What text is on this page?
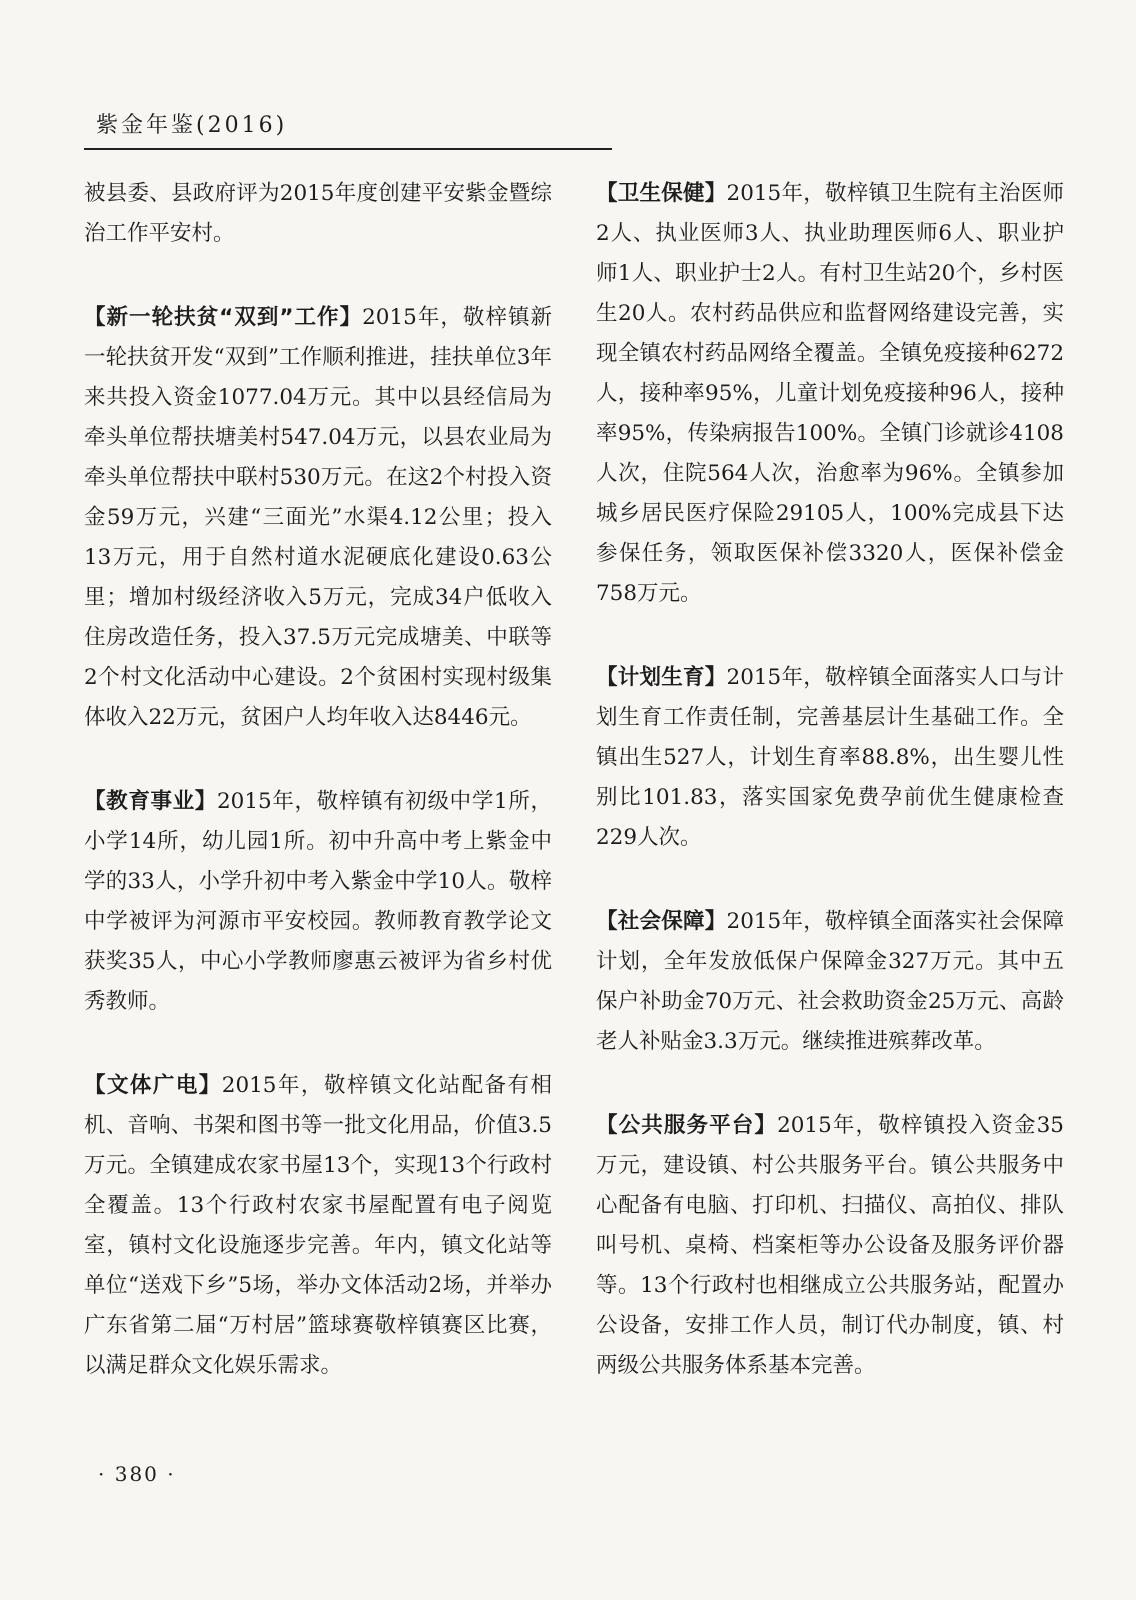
紫金年鉴(2016)

被县委、县政府评为2015年度创建平安紫金暨综治工作平安村。

【新一轮扶贫“双到”工作】2015年，敬梓镇新一轮扶贫开发“双到”工作顺利推进，挂扶单位3年来共投入资金1077.04万元。其中以县经信局为牵头单位帮扶塘美村547.04万元，以县农业局为牵头单位帮扶中联村530万元。在这2个村投入资金59万元，兴建“三面光”水渠4.12公里；投入13万元，用于自然村道水泥硬底化建设0.63公里；增加村级经济收入5万元，完成34户低收入住房改造任务，投入37.5万元完成塘美、中联等2个村文化活动中心建设。2个贫困村实现村级集体收入22万元，贫困户人均年收入达8446元。

【教育事业】2015年，敬梓镇有初级中学1所，小学14所，幼儿园1所。初中升高中考上紫金中学的33人，小学升初中考入紫金中学10人。敬梓中学被评为河源市平安校园。教师教育教学论文获奖35人，中心小学教师廖惠云被评为省乡村优秀教师。

【文体广电】2015年，敬梓镇文化站配备有相机、音响、书架和图书等一批文化用品，价值3.5万元。全镇建成农家书屋13个，实现13个行政村全覆盖。13个行政村农家书屋配置有电子阅览室，镇村文化设施逐步完善。年内，镇文化站等单位“送戏下乡”5场，举办文体活动2场，并举办广东省第二届“万村居”篮球赛敬梓镇赛区比赛，以满足群众文化娱乐需求。

【卫生保健】2015年，敬梓镇卫生院有主治医师2人、执业医师3人、执业助理医师6人、职业护师1人、职业护士2人。有村卫生站20个，乡村医生20人。农村药品供应和监督网络建设完善，实现全镇农村药品网络全覆盖。全镇免疫接种6272人，接种率95%，儿童计划免疫接种96人，接种率95%，传染病报告100%。全镇门诊就诊4108人次，住院564人次，治愈率为96%。全镇参加城乡居民医疗保险29105人，100%完成县下达参保任务，领取医保补偿3320人，医保补偿金758万元。

【计划生育】2015年，敬梓镇全面落实人口与计划生育工作责任制，完善基层计生基础工作。全镇出生527人，计划生育率88.8%，出生婴儿性别比101.83，落实国家免费孕前优生健康检查229人次。

【社会保障】2015年，敬梓镇全面落实社会保障计划，全年发放低保户保障金327万元。其中五保户补助金70万元、社会救助资金25万元、高龄老人补贴金3.3万元。继续推进殡葬改革。

【公共服务平台】2015年，敬梓镇投入资金35万元，建设镇、村公共服务平台。镇公共服务中心配备有电脑、打印机、扫描仪、高拍仪、排队叫号机、桌椅、档案柜等办公设备及服务评价器等。13个行政村也相继成立公共服务站，配置办公设备，安排工作人员，制订代办制度，镇、村两级公共服务体系基本完善。

· 380 ·
